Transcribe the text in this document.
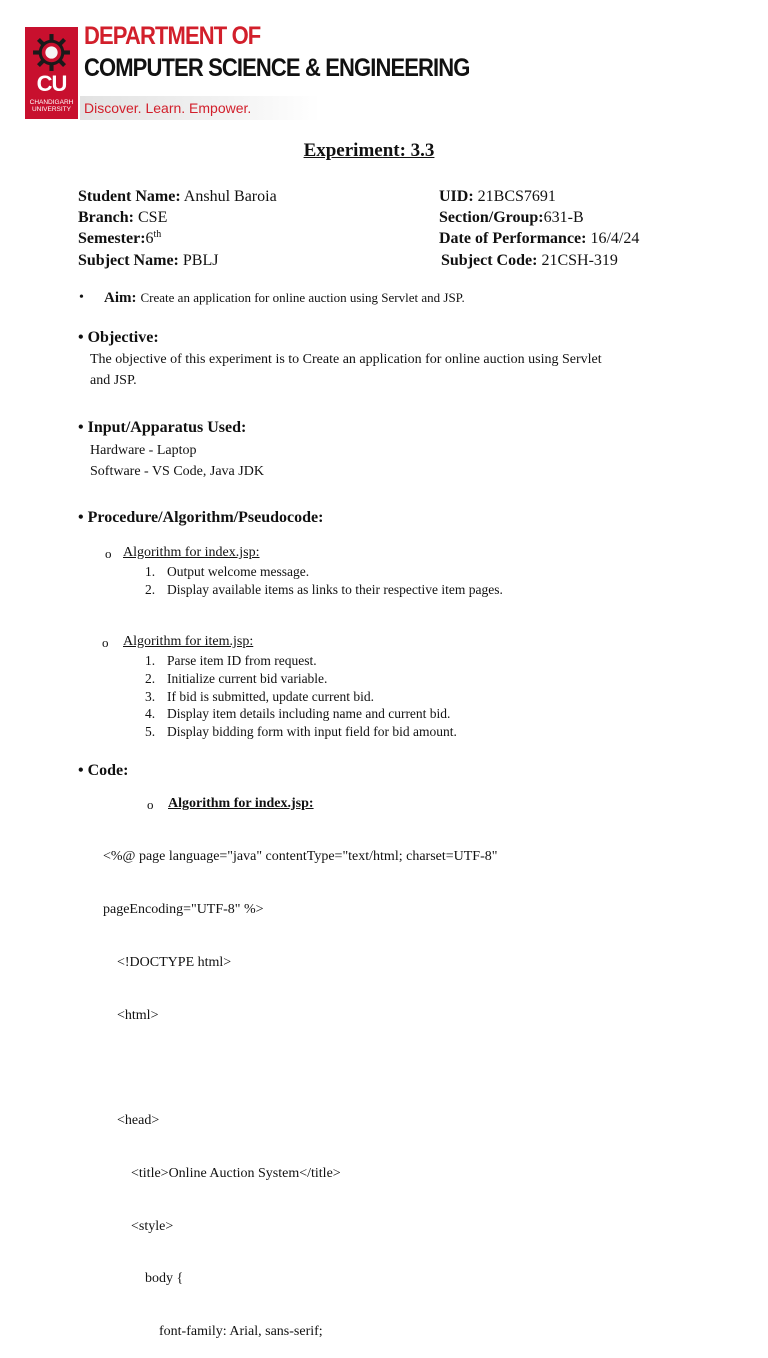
CU
CHANDIGARH
UNIVERSITY
DEPARTMENT OF
COMPUTER SCIENCE & ENGINEERING
Discover. Learn. Empower.
Experiment: 3.3
Student Name: Anshul Baroia	UID: 21BCS7691
Branch: CSE	Section/Group:631-B
Semester:6th	Date of Performance: 16/4/24
Subject Name: PBLJ	Subject Code: 21CSH-319
• Aim: Create an application for online auction using Servlet and JSP.
• Objective:
The objective of this experiment is to Create an application for online auction using Servlet
and JSP.
• Input/Apparatus Used:
Hardware - Laptop
Software - VS Code, Java JDK
• Procedure/Algorithm/Pseudocode:
o Algorithm for index.jsp:
1. Output welcome message.
2. Display available items as links to their respective item pages.
o Algorithm for item.jsp:
1. Parse item ID from request.
2. Initialize current bid variable.
3. If bid is submitted, update current bid.
4. Display item details including name and current bid.
5. Display bidding form with input field for bid amount.
• Code:
o Algorithm for index.jsp:

<%@ page language="java" contentType="text/html; charset=UTF-8"

pageEncoding="UTF-8" %>

<!DOCTYPE html>

<html>

<head>

<title>Online Auction System</title>

<style>

body {

font-family: Arial, sans-serif;
